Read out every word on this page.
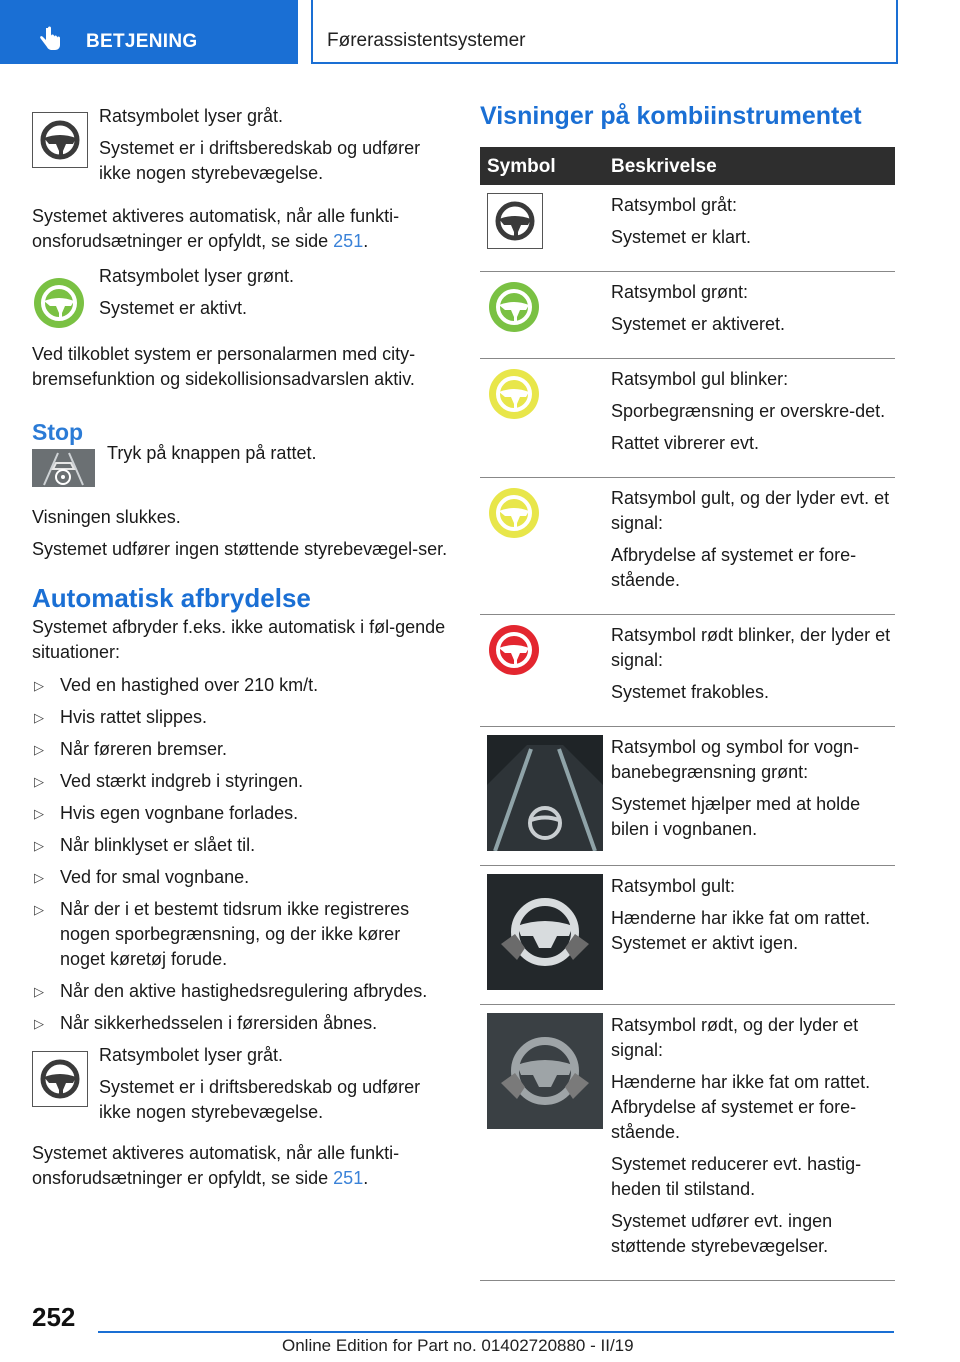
BETJENING	Førerassistentsystemer

Ratsymbolet lyser gråt.

Systemet er i driftsberedskab og udfører ikke nogen styrebevægelse.

Systemet aktiveres automatisk, når alle funkti-
onsforudsætninger er opfyldt, se side 251.

Ratsymbolet lyser grønt.

Systemet er aktivt.

Ved tilkoblet system er personalarmen med city-bremsefunktion og sidekollisionsadvarslen aktiv.

Stop

Tryk på knappen på rattet.

Visningen slukkes.

Systemet udfører ingen støttende styrebevægel-ser.

Automatisk afbrydelse

Systemet afbryder f.eks. ikke automatisk i føl-gende situationer:

▷ Ved en hastighed over 210 km/t.
▷ Hvis rattet slippes.
▷ Når føreren bremser.
▷ Ved stærkt indgreb i styringen.
▷ Hvis egen vognbane forlades.
▷ Når blinklyset er slået til.
▷ Ved for smal vognbane.
▷ Når der i et bestemt tidsrum ikke registreres nogen sporbegrænsning, og der ikke kører noget køretøj forude.
▷ Når den aktive hastighedsregulering afbrydes.
▷ Når sikkerhedsselen i førersiden åbnes.

Ratsymbolet lyser gråt.

Systemet er i driftsberedskab og udfører ikke nogen styrebevægelse.

Systemet aktiveres automatisk, når alle funkti-
onsforudsætninger er opfyldt, se side 251.

Visninger på kombiinstrumentet
Symbol	Beskrivelse

Ratsymbol gråt:

Systemet er klart.

Ratsymbol grønt:

Systemet er aktiveret.

Ratsymbol gul blinker:

Sporbegrænsning er overskre-det.

Rattet vibrerer evt.

Ratsymbol gult, og der lyder evt. et signal:

Afbrydelse af systemet er fore-stående.

Ratsymbol rødt blinker, der lyder et signal:

Systemet frakobles.

Ratsymbol og symbol for vogn-banebegrænsning grønt:

Systemet hjælper med at holde bilen i vognbanen.

Ratsymbol gult:

Hænderne har ikke fat om rattet. Systemet er aktivt igen.

Ratsymbol rødt, og der lyder et signal:

Hænderne har ikke fat om rattet. Afbrydelse af systemet er fore-stående.

Systemet reducerer evt. hastig-heden til stilstand.

Systemet udfører evt. ingen støttende styrebevægelser.

252
Online Edition for Part no. 01402720880 - II/19
